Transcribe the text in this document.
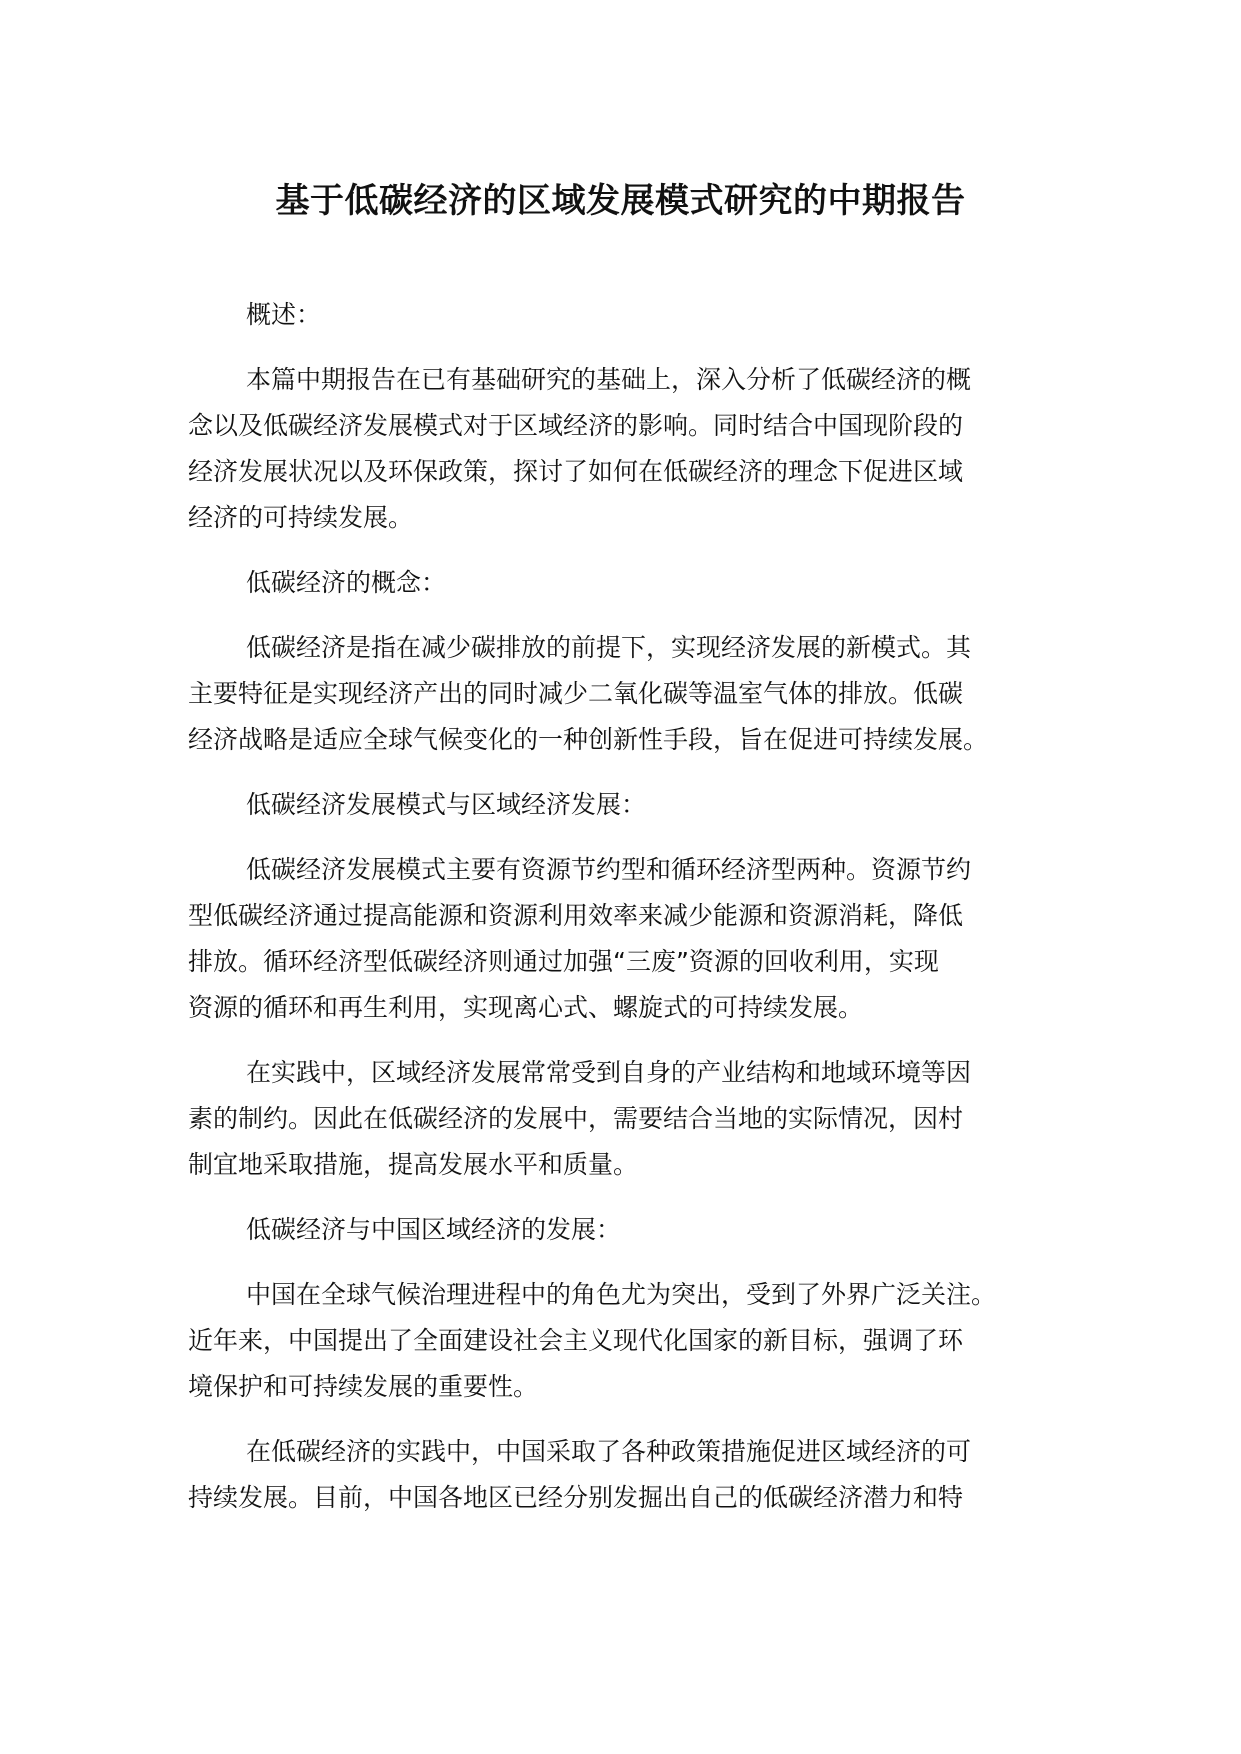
基于低碳经济的区域发展模式研究的中期报告
概述：
本篇中期报告在已有基础研究的基础上，深入分析了低碳经济的概
念以及低碳经济发展模式对于区域经济的影响。同时结合中国现阶段的
经济发展状况以及环保政策，探讨了如何在低碳经济的理念下促进区域
经济的可持续发展。
低碳经济的概念：
低碳经济是指在减少碳排放的前提下，实现经济发展的新模式。其
主要特征是实现经济产出的同时减少二氧化碳等温室气体的排放。低碳
经济战略是适应全球气候变化的一种创新性手段，旨在促进可持续发展。
低碳经济发展模式与区域经济发展：
低碳经济发展模式主要有资源节约型和循环经济型两种。资源节约
型低碳经济通过提高能源和资源利用效率来减少能源和资源消耗，降低
排放。循环经济型低碳经济则通过加强“三废”资源的回收利用，实现
资源的循环和再生利用，实现离心式、螺旋式的可持续发展。
在实践中，区域经济发展常常受到自身的产业结构和地域环境等因
素的制约。因此在低碳经济的发展中，需要结合当地的实际情况，因村
制宜地采取措施，提高发展水平和质量。
低碳经济与中国区域经济的发展：
中国在全球气候治理进程中的角色尤为突出，受到了外界广泛关注。
近年来，中国提出了全面建设社会主义现代化国家的新目标，强调了环
境保护和可持续发展的重要性。
在低碳经济的实践中，中国采取了各种政策措施促进区域经济的可
持续发展。目前，中国各地区已经分别发掘出自己的低碳经济潜力和特
